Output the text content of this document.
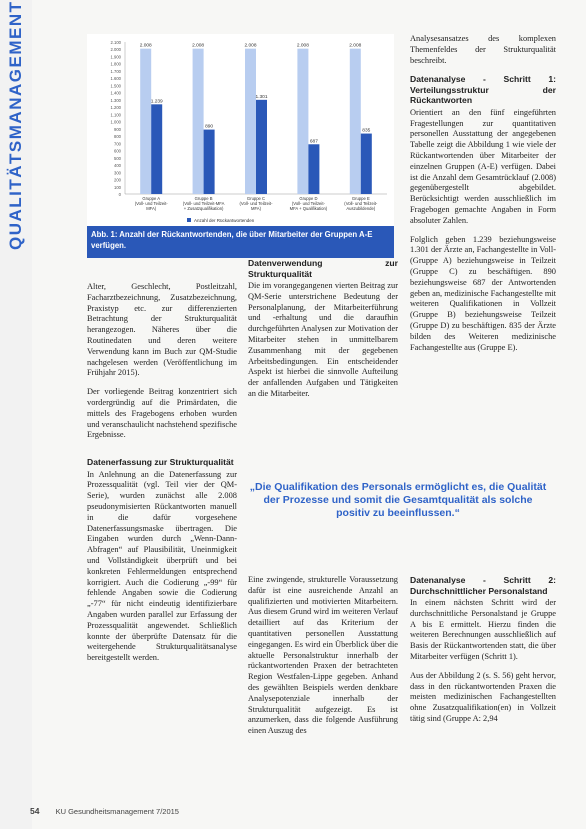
QUALITÄTSMANAGEMENT	0
100
200
300
400
500
600
700
800
900
1.000
1.100
1.200
1.300
1.400
1.500
1.600
1.700
1.800
1.900
2.000
2.100
2.008
1.239
Gruppe A
(Voll- und Teilzeit-
MFA)
2.008
890
Gruppe B
(Voll- und Teilzeit-MFA
+ Zusatzqualifikation)
2.008
1.301
Gruppe C
(Voll- und Teilzeit-
MFA)
2.008
687
Gruppe D
(Voll- und Teilzeit-
MFA + Qualifikation)
2.008
835
Gruppe E
(Voll- und Teilzeit-
Auszubildende)
Anzahl der Rückantwortenden
Abb. 1: Anzahl der Rückantwortenden, die über Mitarbeiter der Gruppen A-E verfügen.

Alter, Geschlecht, Postleitzahl, Facharztbezeichnung, Zusatzbezeichnung, Praxistyp etc. zur differenzierten Betrachtung der Strukturqualität herangezogen. Näheres über die Routinedaten und deren weitere Verwendung kann im Buch zur QM-Studie nachgelesen werden (Veröffentlichung im Frühjahr 2015).

Der vorliegende Beitrag konzentriert sich vordergründig auf die Primärdaten, die mittels des Fragebogens erhoben wurden und veranschaulicht nachstehend spezifische Ergebnisse.

Datenerfassung zur Strukturqualität

In Anlehnung an die Datenerfassung zur Prozessqualität (vgl. Teil vier der QM-Serie), wurden zunächst alle 2.008 pseudonymisierten Rückantworten manuell in die dafür vorgesehene Datenerfassungsmaske übertragen. Die Eingaben wurden durch „Wenn-Dann-Abfragen“ auf Plausibilität, Uneinmigkeit und Vollständigkeit überprüft und bei konkreten Fehlermeldungen entsprechend korrigiert. Auch die Codierung „-99“ für fehlende Angaben sowie die Codierung „-77“ für nicht eindeutig identifizierbare Angaben wurden parallel zur Erfassung der Prozessqualität angewendet. Schließlich konnte der überprüfte Datensatz für die weitergehende Strukturqualitätsanalyse bereitgestellt werden.

Datenverwendung zur Strukturqualität

Die im vorangegangenen vierten Beitrag zur QM-Serie unterstrichene Bedeutung der Personalplanung, der Mitarbeiterführung und -erhaltung und die daraufhin durchgeführten Analysen zur Motivation der Mitarbeiter stehen in unmittelbarem Zusammenhang mit der gegebenen Arbeitsbedingungen. Ein entscheidender Aspekt ist hierbei die sinnvolle Aufteilung der anfallenden Aufgaben und Tätigkeiten an die Mitarbeiter.

„Die Qualifikation des Personals ermöglicht es, die Qualität der Prozesse und somit die Gesamtqualität als solche positiv zu beeinflussen.“

Eine zwingende, strukturelle Voraussetzung dafür ist eine ausreichende Anzahl an qualifizierten und motivierten Mitarbeitern. Aus diesem Grund wird im weiteren Verlauf detailliert auf das Kriterium der quantitativen personellen Ausstattung eingegangen. Es wird ein Überblick über die aktuelle Personalstruktur innerhalb der rückantwortenden Praxen der betrachteten Region Westfalen-Lippe gegeben. Anhand des gewählten Beispiels werden denkbare Analysepotenziale innerhalb der Strukturqualität aufgezeigt. Es ist anzumerken, dass die folgende Ausführung einen Auszug des

Analysesansatzes des komplexen Themenfeldes der Strukturqualität beschreibt.

Datenanalyse - Schritt 1: Verteilungsstruktur der Rückantworten

Orientiert an den fünf eingeführten Fragestellungen zur quantitativen personellen Ausstattung der angegebenen Tabelle zeigt die Abbildung 1 wie viele der Rückantwortenden über Mitarbeiter der einzelnen Gruppen (A-E) verfügen. Dabei ist die Anzahl dem Gesamtrücklauf (2.008) gegenübergestellt abgebildet. Berücksichtigt werden ausschließlich im Fragebogen gemachte Angaben in Form absoluter Zahlen.

Folglich geben 1.239 beziehungsweise 1.301 der Ärzte an, Fachangestellte in Voll- (Gruppe A) beziehungsweise in Teilzeit (Gruppe C) zu beschäftigen. 890 beziehungsweise 687 der Antwortenden geben an, medizinische Fachangestellte mit weiteren Qualifikationen in Vollzeit (Gruppe B) beziehungsweise Teilzeit (Gruppe D) zu beschäftigen. 835 der Ärzte bilden des Weiteren medizinische Fachangestellte aus (Gruppe E).

Datenanalyse - Schritt 2: Durchschnittlicher Personalstand

In einem nächsten Schritt wird der durchschnittliche Personalstand je Gruppe A bis E ermittelt. Hierzu finden die weiteren Berechnungen ausschließlich auf Basis der Rückantwortenden statt, die über Mitarbeiter verfügen (Schritt 1).

Aus der Abbildung 2 (s. S. 56) geht hervor, dass in den rückantwortenden Praxen die meisten medizinischen Fachangestellten ohne Zusatzqualifikation(en) in Vollzeit tätig sind (Gruppe A: 2,94

54 KU Gesundheitsmanagement 7/2015
